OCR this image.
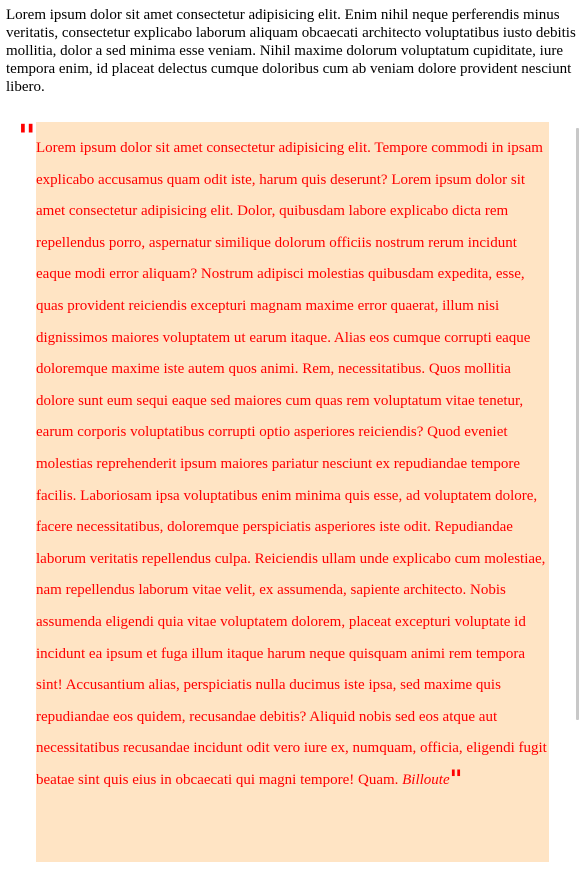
Lorem ipsum dolor sit amet consectetur adipisicing elit. Enim nihil neque perferendis minus veritatis, consectetur explicabo laborum aliquam obcaecati architecto voluptatibus iusto debitis mollitia, dolor a sed minima esse veniam. Nihil maxime dolorum voluptatum cupiditate, iure tempora enim, id placeat delectus cumque doloribus cum ab veniam dolore provident nesciunt libero.

'' Lorem ipsum dolor sit amet consectetur adipisicing elit. Tempore commodi in ipsam explicabo accusamus quam odit iste, harum quis deserunt? Lorem ipsum dolor sit amet consectetur adipisicing elit. Dolor, quibusdam labore explicabo dicta rem repellendus porro, aspernatur similique dolorum officiis nostrum rerum incidunt eaque modi error aliquam? Nostrum adipisci molestias quibusdam expedita, esse, quas provident reiciendis excepturi magnam maxime error quaerat, illum nisi dignissimos maiores voluptatem ut earum itaque. Alias eos cumque corrupti eaque doloremque maxime iste autem quos animi. Rem, necessitatibus. Quos mollitia dolore sunt eum sequi eaque sed maiores cum quas rem voluptatum vitae tenetur, earum corporis voluptatibus corrupti optio asperiores reiciendis? Quod eveniet molestias reprehenderit ipsum maiores pariatur nesciunt ex repudiandae tempore facilis. Laboriosam ipsa voluptatibus enim minima quis esse, ad voluptatem dolore, facere necessitatibus, doloremque perspiciatis asperiores iste odit. Repudiandae laborum veritatis repellendus culpa. Reiciendis ullam unde explicabo cum molestiae, nam repellendus laborum vitae velit, ex assumenda, sapiente architecto. Nobis assumenda eligendi quia vitae voluptatem dolorem, placeat excepturi voluptate id incidunt ea ipsum et fuga illum itaque harum neque quisquam animi rem tempora sint! Accusantium alias, perspiciatis nulla ducimus iste ipsa, sed maxime quis repudiandae eos quidem, recusandae debitis? Aliquid nobis sed eos atque aut necessitatibus recusandae incidunt odit vero iure ex, numquam, officia, eligendi fugit beatae sint quis eius in obcaecati qui magni tempore! Quam. Billoute''
